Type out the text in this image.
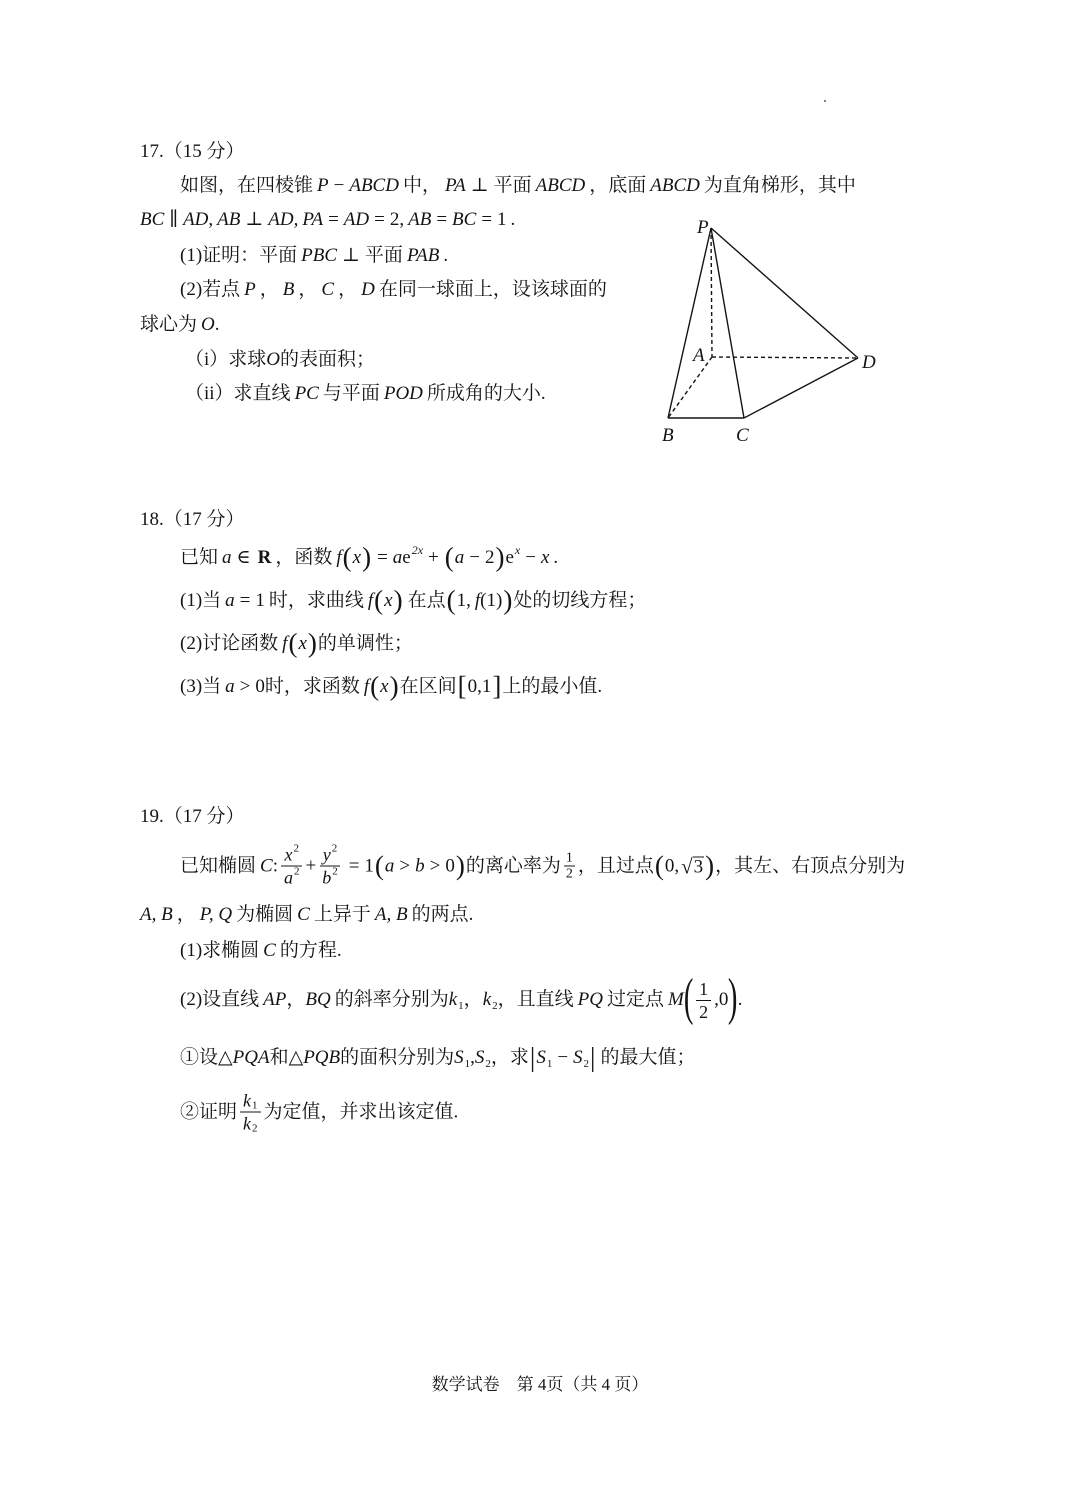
17.（15 分）
如图，在四棱锥 P − ABCD 中， PA ⊥ 平面 ABCD ，底面 ABCD 为直角梯形，其中
BC ∥ AD , AB ⊥ AD , PA = AD = 2, AB = BC = 1 .
(1)证明：平面 PBC ⊥ 平面 PAB .
(2)若点 P ， B ， C ， D 在同一球面上，设该球面的
球心为 O .
（i）求球 O 的表面积；
（ii）求直线 PC 与平面 POD 所成角的大小.
P
A	D
B	C
18.（17 分）
已知 a ∈ R ，函数 f ( x ) = a e 2x + ( a − 2 ) e x − x .
(1)当 a = 1 时，求曲线 f ( x ) 在点 ( 1, f (1) ) 处的切线方程；
(2)讨论函数 f ( x ) 的单调性；
(3)当 a > 0 时，求函数 f ( x ) 在区间 [ 0,1 ] 上的最小值.
19.（17 分）
已知椭圆 C : $\frac{x 2}{a 2} + \frac{y 2}{b 2} = 1$ ( a > b > 0 ) 的离心率为 $\frac{1}{2}$ ，且过点 ( 0, √ 3 ) ，其左、右顶点分别为
A, B ， P, Q 为椭圆 C 上异于 A, B 的两点.
(1)求椭圆 C 的方程.
(2)设直线 AP ， BQ 的斜率分别为 k 1 ， k 2 ，且直线 PQ 过定点 M ( $\frac{1}{2} ,0$ ) .
①设△ PQA 和△ PQB 的面积分别为 S 1 , S 2 ，求 | S 1 − S 2 | 的最大值；
②证明 $\frac{k 1}{k 2}$ 为定值，并求出该定值.
数学试卷　第 4页（共 4 页）
